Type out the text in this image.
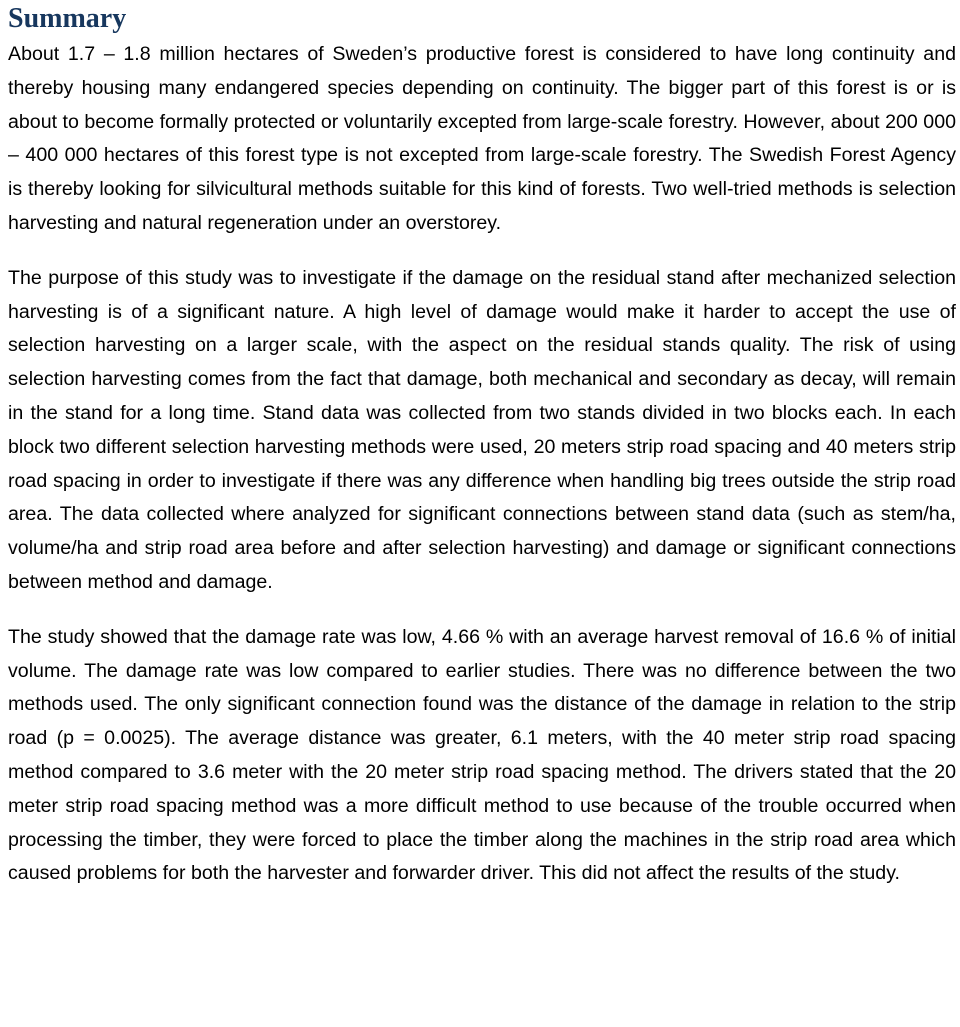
Summary

About 1.7 – 1.8 million hectares of Sweden’s productive forest is considered to have long continuity and thereby housing many endangered species depending on continuity. The bigger part of this forest is or is about to become formally protected or voluntarily excepted from large-scale forestry. However, about 200 000 – 400 000 hectares of this forest type is not excepted from large-scale forestry. The Swedish Forest Agency is thereby looking for silvicultural methods suitable for this kind of forests. Two well-tried methods is selection harvesting and natural regeneration under an overstorey.

The purpose of this study was to investigate if the damage on the residual stand after mechanized selection harvesting is of a significant nature. A high level of damage would make it harder to accept the use of selection harvesting on a larger scale, with the aspect on the residual stands quality. The risk of using selection harvesting comes from the fact that damage, both mechanical and secondary as decay, will remain in the stand for a long time. Stand data was collected from two stands divided in two blocks each. In each block two different selection harvesting methods were used, 20 meters strip road spacing and 40 meters strip road spacing in order to investigate if there was any difference when handling big trees outside the strip road area. The data collected where analyzed for significant connections between stand data (such as stem/ha, volume/ha and strip road area before and after selection harvesting) and damage or significant connections between method and damage.

The study showed that the damage rate was low, 4.66 % with an average harvest removal of 16.6 % of initial volume. The damage rate was low compared to earlier studies. There was no difference between the two methods used. The only significant connection found was the distance of the damage in relation to the strip road (p = 0.0025). The average distance was greater, 6.1 meters, with the 40 meter strip road spacing method compared to 3.6 meter with the 20 meter strip road spacing method. The drivers stated that the 20 meter strip road spacing method was a more difficult method to use because of the trouble occurred when processing the timber, they were forced to place the timber along the machines in the strip road area which caused problems for both the harvester and forwarder driver. This did not affect the results of the study.
